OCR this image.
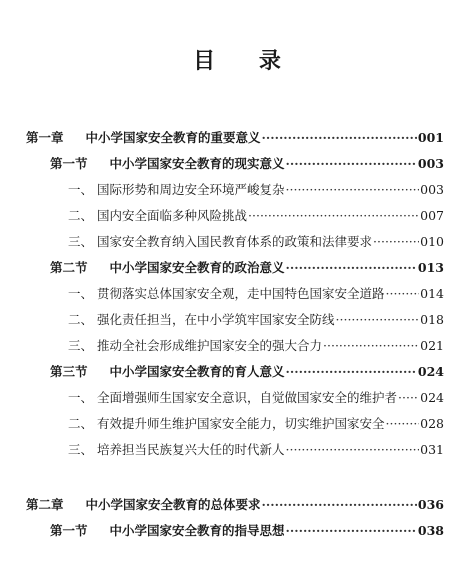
目 录
第一章 中小学国家安全教育的重要意义 ·····	001
第一节 中小学国家安全教育的现实意义 ·····	003
一、 国际形势和周边安全环境严峻复杂 ·····	003
二、 国内安全面临多种风险挑战 ·····	007
三、 国家安全教育纳入国民教育体系的政策和法律要求 ·····	010
第二节 中小学国家安全教育的政治意义 ·····	013
一、 贯彻落实总体国家安全观，走中国特色国家安全道路 ·····	014
二、 强化责任担当，在中小学筑牢国家安全防线 ·····	018
三、 推动全社会形成维护国家安全的强大合力 ·····	021
第三节 中小学国家安全教育的育人意义 ·····	024
一、 全面增强师生国家安全意识，自觉做国家安全的维护者 ····· 024
二、 有效提升师生维护国家安全能力，切实维护国家安全 ·····	028
三、 培养担当民族复兴大任的时代新人 ·····	031
第二章 中小学国家安全教育的总体要求 ·····	036
第一节 中小学国家安全教育的指导思想 ·····	038
